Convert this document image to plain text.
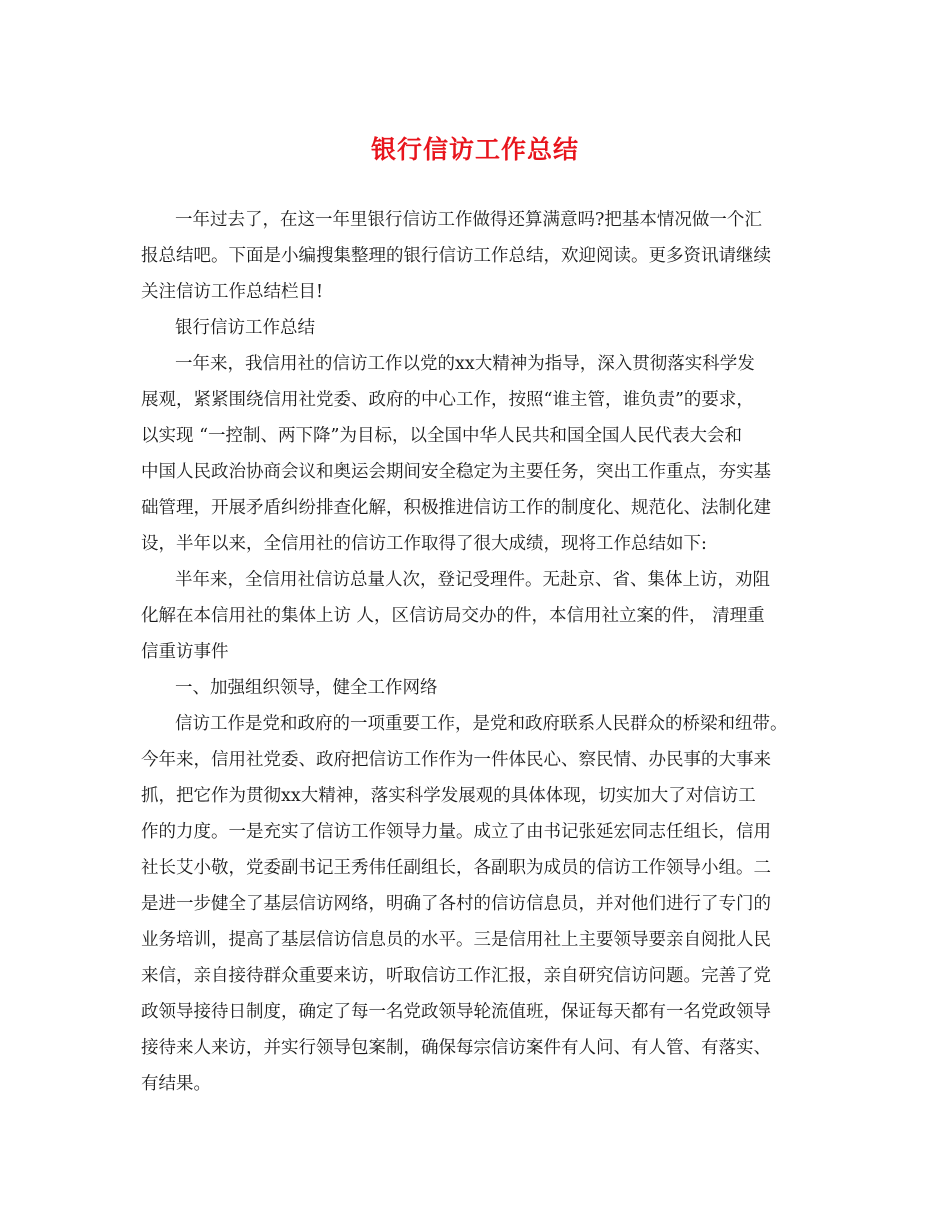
银行信访工作总结
一年过去了，在这一年里银行信访工作做得还算满意吗?把基本情况做一个汇
报总结吧。下面是小编搜集整理的银行信访工作总结，欢迎阅读。更多资讯请继续
关注信访工作总结栏目!
银行信访工作总结
一年来，我信用社的信访工作以党的xx大精神为指导，深入贯彻落实科学发
展观，紧紧围绕信用社党委、政府的中心工作，按照“谁主管，谁负责”的要求，
以实现 “一控制、两下降”为目标，以全国中华人民共和国全国人民代表大会和
中国人民政治协商会议和奥运会期间安全稳定为主要任务，突出工作重点，夯实基
础管理，开展矛盾纠纷排查化解，积极推进信访工作的制度化、规范化、法制化建
设，半年以来，全信用社的信访工作取得了很大成绩，现将工作总结如下:
半年来，全信用社信访总量人次，登记受理件。无赴京、省、集体上访，劝阻
化解在本信用社的集体上访 人，区信访局交办的件，本信用社立案的件， 清理重
信重访事件
一、加强组织领导，健全工作网络
信访工作是党和政府的一项重要工作，是党和政府联系人民群众的桥梁和纽带。
今年来，信用社党委、政府把信访工作作为一件体民心、察民情、办民事的大事来
抓，把它作为贯彻xx大精神，落实科学发展观的具体体现，切实加大了对信访工
作的力度。一是充实了信访工作领导力量。成立了由书记张延宏同志任组长，信用
社长艾小敬，党委副书记王秀伟任副组长，各副职为成员的信访工作领导小组。二
是进一步健全了基层信访网络，明确了各村的信访信息员，并对他们进行了专门的
业务培训，提高了基层信访信息员的水平。三是信用社上主要领导要亲自阅批人民
来信，亲自接待群众重要来访，听取信访工作汇报，亲自研究信访问题。完善了党
政领导接待日制度，确定了每一名党政领导轮流值班，保证每天都有一名党政领导
接待来人来访，并实行领导包案制，确保每宗信访案件有人问、有人管、有落实、
有结果。
